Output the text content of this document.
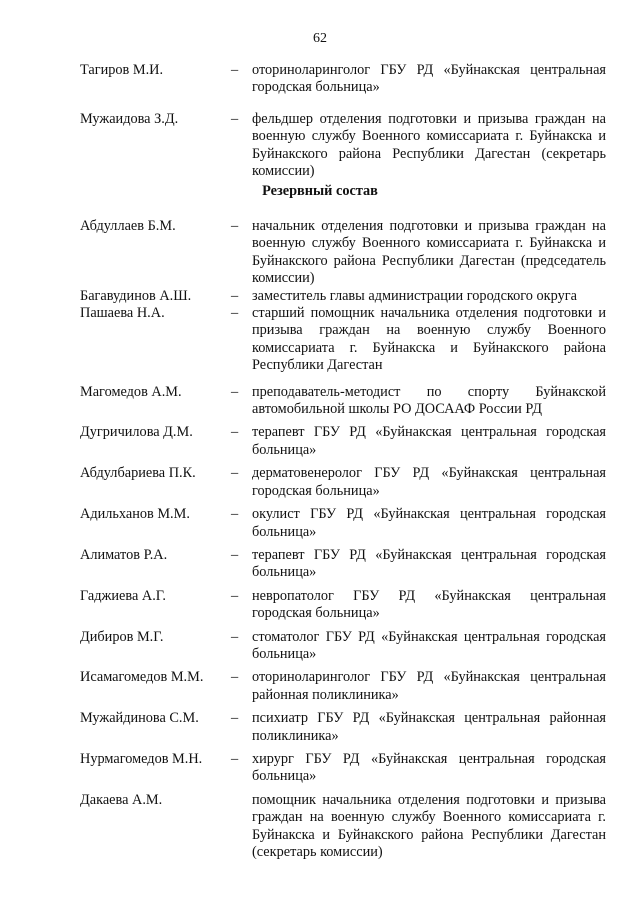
62
Тагиров М.И.	– оториноларинголог ГБУ РД «Буйнакская центральная городская больница»
Мужаидова З.Д.	– фельдшер отделения подготовки и призыва граждан на военную службу Военного комиссариата г. Буйнакска и Буйнакского района Республики Дагестан (секретарь комиссии)
Резервный состав
Абдуллаев Б.М.	– начальник отделения подготовки и призыва граждан на военную службу Военного комиссариата г. Буйнакска и Буйнакского района Республики Дагестан (председатель комиссии)
Багавудинов А.Ш.	– заместитель главы администрации городского округа
Пашаева Н.А.	– старший помощник начальника отделения подготовки и призыва граждан на военную службу Военного комиссариата г. Буйнакска и Буйнакского района Республики Дагестан
Магомедов А.М.	– преподаватель-методист по спорту Буйнакской автомобильной школы РО ДОСААФ России РД
Дугричилова Д.М.	– терапевт ГБУ РД «Буйнакская центральная городская больница»
Абдулбариева П.К. – дерматовенеролог ГБУ РД «Буйнакская центральная городская больница»
Адильханов М.М.	– окулист ГБУ РД «Буйнакская центральная городская больница»
Алиматов Р.А.	– терапевт ГБУ РД «Буйнакская центральная городская больница»
Гаджиева А.Г.	– невропатолог ГБУ РД «Буйнакская центральная городская больница»
Дибиров М.Г.	– стоматолог ГБУ РД «Буйнакская центральная городская больница»
Исамагомедов М.М. – оториноларинголог ГБУ РД «Буйнакская центральная районная поликлиника»
Мужайдинова С.М. – психиатр ГБУ РД «Буйнакская центральная районная поликлиника»
Нурмагомедов М.Н. – хирург ГБУ РД «Буйнакская центральная городская больница»
Дакаева А.М.	помощник начальника отделения подготовки и призыва граждан на военную службу Военного комиссариата г. Буйнакска и Буйнакского района Республики Дагестан (секретарь комиссии)
